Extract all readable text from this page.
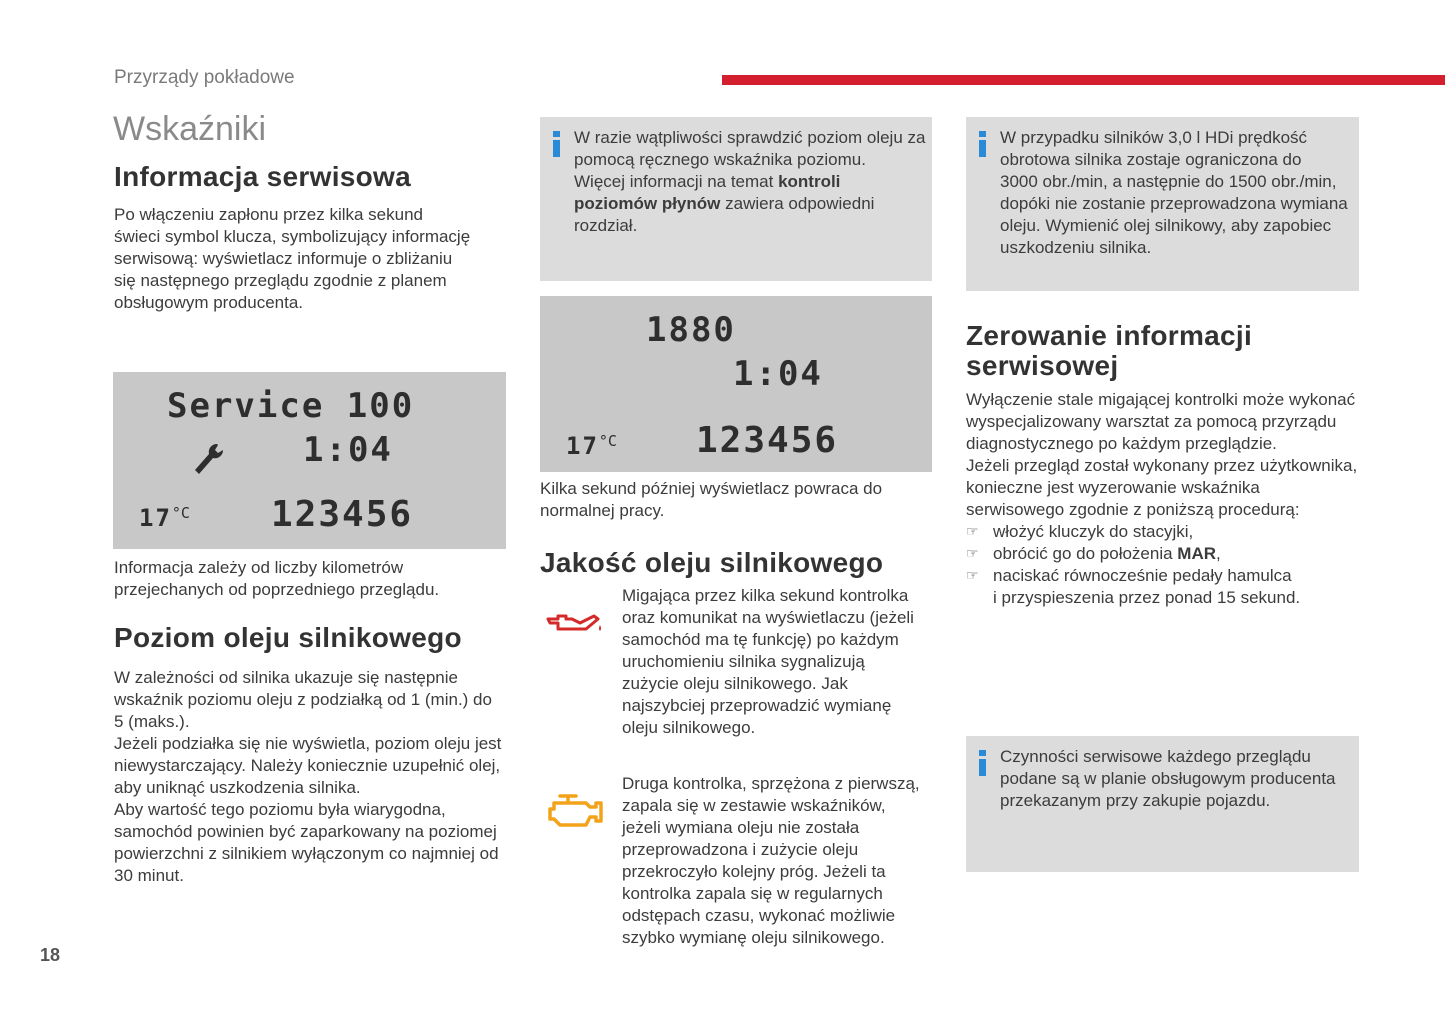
Przyrządy pokładowe
Wskaźniki
Informacja serwisowa

Po włączeniu zapłonu przez kilka sekund

świeci symbol klucza, symbolizujący informację

serwisową: wyświetlacz informuje o zbliżaniu

się następnego przeglądu zgodnie z planem

obsługowym producenta.

Service 100
1:04
$17^{^\circ C}$ 123456

Informacja zależy od liczby kilometrów

przejechanych od poprzedniego przeglądu.

Poziom oleju silnikowego

W zależności od silnika ukazuje się następnie

wskaźnik poziomu oleju z podziałką od 1 (min.) do

5 (maks.).

Jeżeli podziałka się nie wyświetla, poziom oleju jest

niewystarczający. Należy koniecznie uzupełnić olej,

aby uniknąć uszkodzenia silnika.

Aby wartość tego poziomu była wiarygodna,

samochód powinien być zaparkowany na poziomej

powierzchni z silnikiem wyłączonym co najmniej od

30 minut.

W razie wątpliwości sprawdzić poziom oleju za
pomocą ręcznego wskaźnika poziomu.
Więcej informacji na temat kontroli
poziomów płynów zawiera odpowiedni
rozdział.
1880
1:04
$17^{^\circ C}$ 123456

Kilka sekund później wyświetlacz powraca do

normalnej pracy.

Jakość oleju silnikowego

Migająca przez kilka sekund kontrolka

oraz komunikat na wyświetlaczu (jeżeli

samochód ma tę funkcję) po każdym

uruchomieniu silnika sygnalizują

zużycie oleju silnikowego. Jak

najszybciej przeprowadzić wymianę

oleju silnikowego.

Druga kontrolka, sprzężona z pierwszą,

zapala się w zestawie wskaźników,

jeżeli wymiana oleju nie została

przeprowadzona i zużycie oleju

przekroczyło kolejny próg. Jeżeli ta

kontrolka zapala się w regularnych

odstępach czasu, wykonać możliwie

szybko wymianę oleju silnikowego.

W przypadku silników 3,0 l HDi prędkość
obrotowa silnika zostaje ograniczona do
3000 obr./min, a następnie do 1500 obr./min,
dopóki nie zostanie przeprowadzona wymiana
oleju. Wymienić olej silnikowy, aby zapobiec
uszkodzeniu silnika.
Zerowanie informacji
serwisowej

Wyłączenie stale migającej kontrolki może wykonać

wyspecjalizowany warsztat za pomocą przyrządu

diagnostycznego po każdym przeglądzie.

Jeżeli przegląd został wykonany przez użytkownika,

konieczne jest wyzerowanie wskaźnika

serwisowego zgodnie z poniższą procedurą:

☞ włożyć kluczyk do stacyjki,
☞ obrócić go do położenia MAR,
☞ naciskać równocześnie pedały hamulca
i przyspieszenia przez ponad 15 sekund.
Czynności serwisowe każdego przeglądu
podane są w planie obsługowym producenta
przekazanym przy zakupie pojazdu.
18
